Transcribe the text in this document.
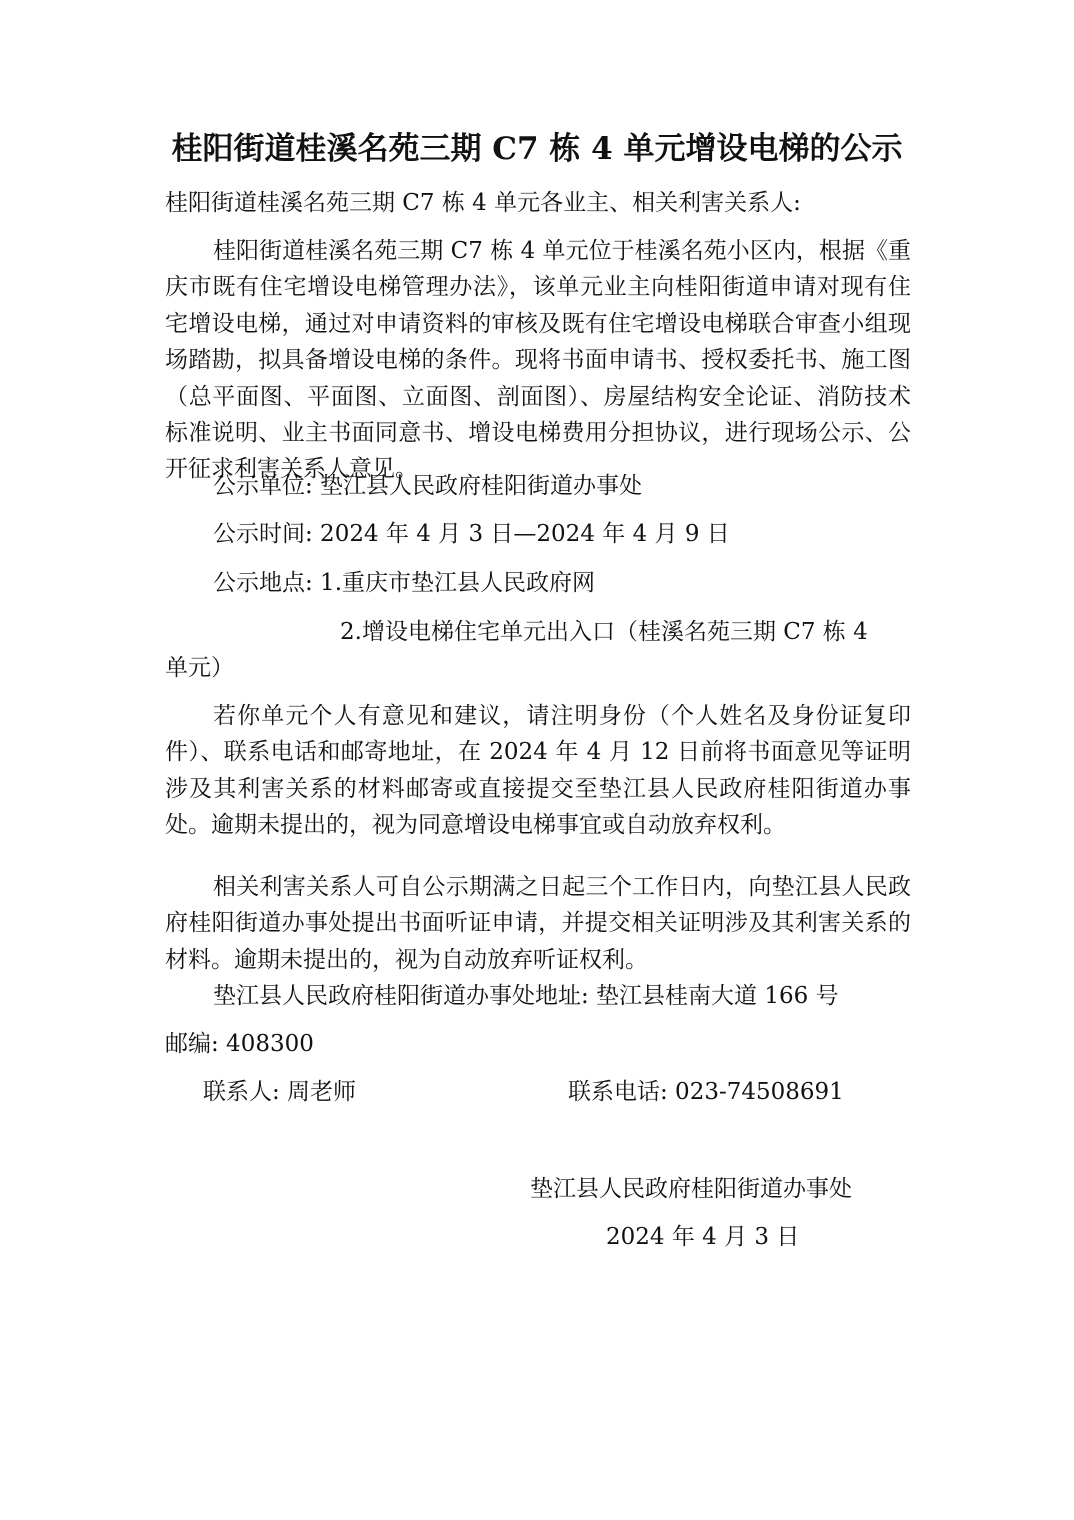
桂阳街道桂溪名苑三期 C7 栋 4 单元增设电梯的公示
桂阳街道桂溪名苑三期 C7 栋 4 单元各业主、相关利害关系人:
桂阳街道桂溪名苑三期 C7 栋 4 单元位于桂溪名苑小区内，根据《重庆市既有住宅增设电梯管理办法》，该单元业主向桂阳街道申请对现有住宅增设电梯，通过对申请资料的审核及既有住宅增设电梯联合审查小组现场踏勘，拟具备增设电梯的条件。现将书面申请书、授权委托书、施工图（总平面图、平面图、立面图、剖面图）、房屋结构安全论证、消防技术标准说明、业主书面同意书、增设电梯费用分担协议，进行现场公示、公开征求利害关系人意见。
公示单位: 垫江县人民政府桂阳街道办事处
公示时间: 2024 年 4 月 3 日—2024 年 4 月 9 日
公示地点: 1.重庆市垫江县人民政府网
2.增设电梯住宅单元出入口（桂溪名苑三期 C7 栋 4
单元）
若你单元个人有意见和建议，请注明身份（个人姓名及身份证复印件）、联系电话和邮寄地址，在 2024 年 4 月 12 日前将书面意见等证明涉及其利害关系的材料邮寄或直接提交至垫江县人民政府桂阳街道办事处。逾期未提出的，视为同意增设电梯事宜或自动放弃权利。
相关利害关系人可自公示期满之日起三个工作日内，向垫江县人民政府桂阳街道办事处提出书面听证申请，并提交相关证明涉及其利害关系的材料。逾期未提出的，视为自动放弃听证权利。
垫江县人民政府桂阳街道办事处地址: 垫江县桂南大道 166 号
邮编: 408300
联系人: 周老师	联系电话: 023-74508691
垫江县人民政府桂阳街道办事处
2024 年 4 月 3 日
